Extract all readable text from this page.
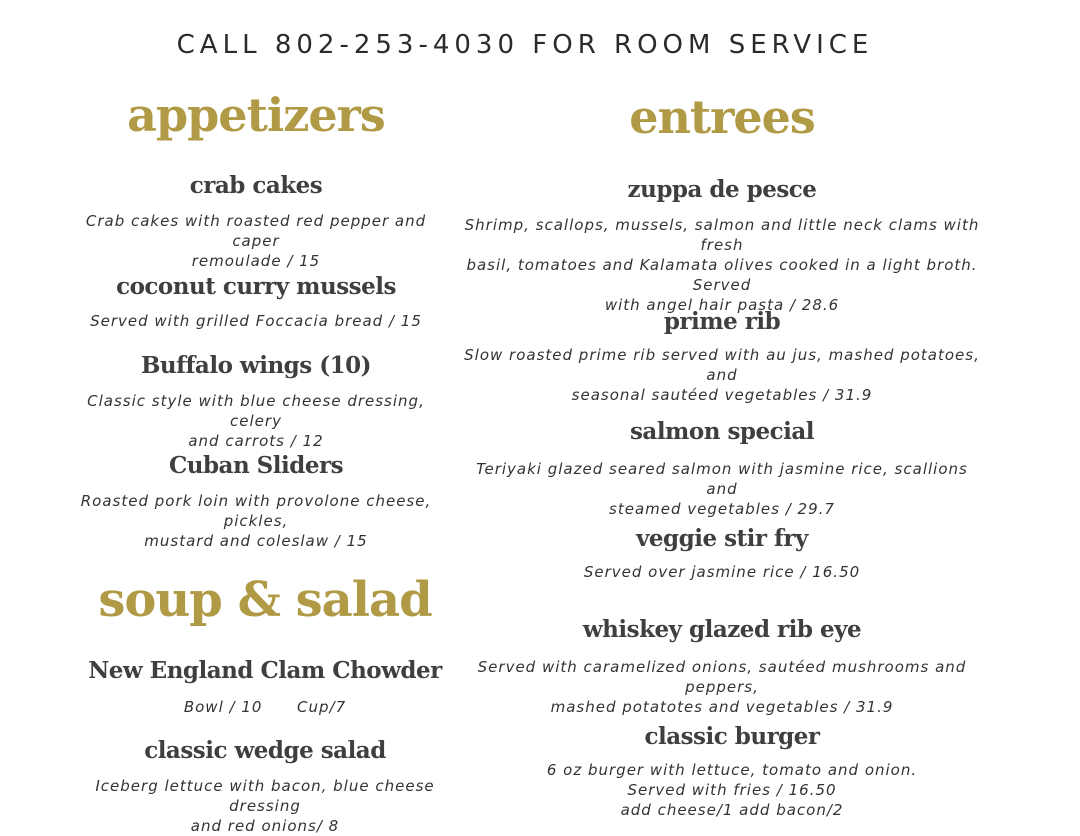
CALL 802-253-4030 FOR ROOM SERVICE
appetizers
crab cakes
Crab cakes with roasted red pepper and caper
remoulade / 15
coconut curry mussels
Served with grilled Foccacia bread / 15
Buffalo wings (10)
Classic style with blue cheese dressing, celery
and carrots / 12
Cuban Sliders
Roasted pork loin with provolone cheese, pickles,
mustard and coleslaw / 15
soup & salad
New England Clam Chowder
Bowl / 10      Cup/7
classic wedge salad
Iceberg lettuce with bacon, blue cheese dressing
and red onions/ 8
entrees
zuppa de pesce
Shrimp, scallops, mussels, salmon and little neck clams with fresh
basil, tomatoes and Kalamata olives cooked in a light broth. Served
with angel hair pasta / 28.6
prime rib
Slow roasted prime rib served with au jus, mashed potatoes, and
seasonal sautéed vegetables / 31.9
salmon special
Teriyaki glazed seared salmon with jasmine rice, scallions and
steamed vegetables / 29.7
veggie stir fry
Served over jasmine rice / 16.50
whiskey glazed rib eye
Served with caramelized onions, sautéed mushrooms and peppers,
mashed potatotes and vegetables / 31.9
classic burger
6 oz burger with lettuce, tomato and onion.
Served with fries / 16.50
add cheese/1 add bacon/2
